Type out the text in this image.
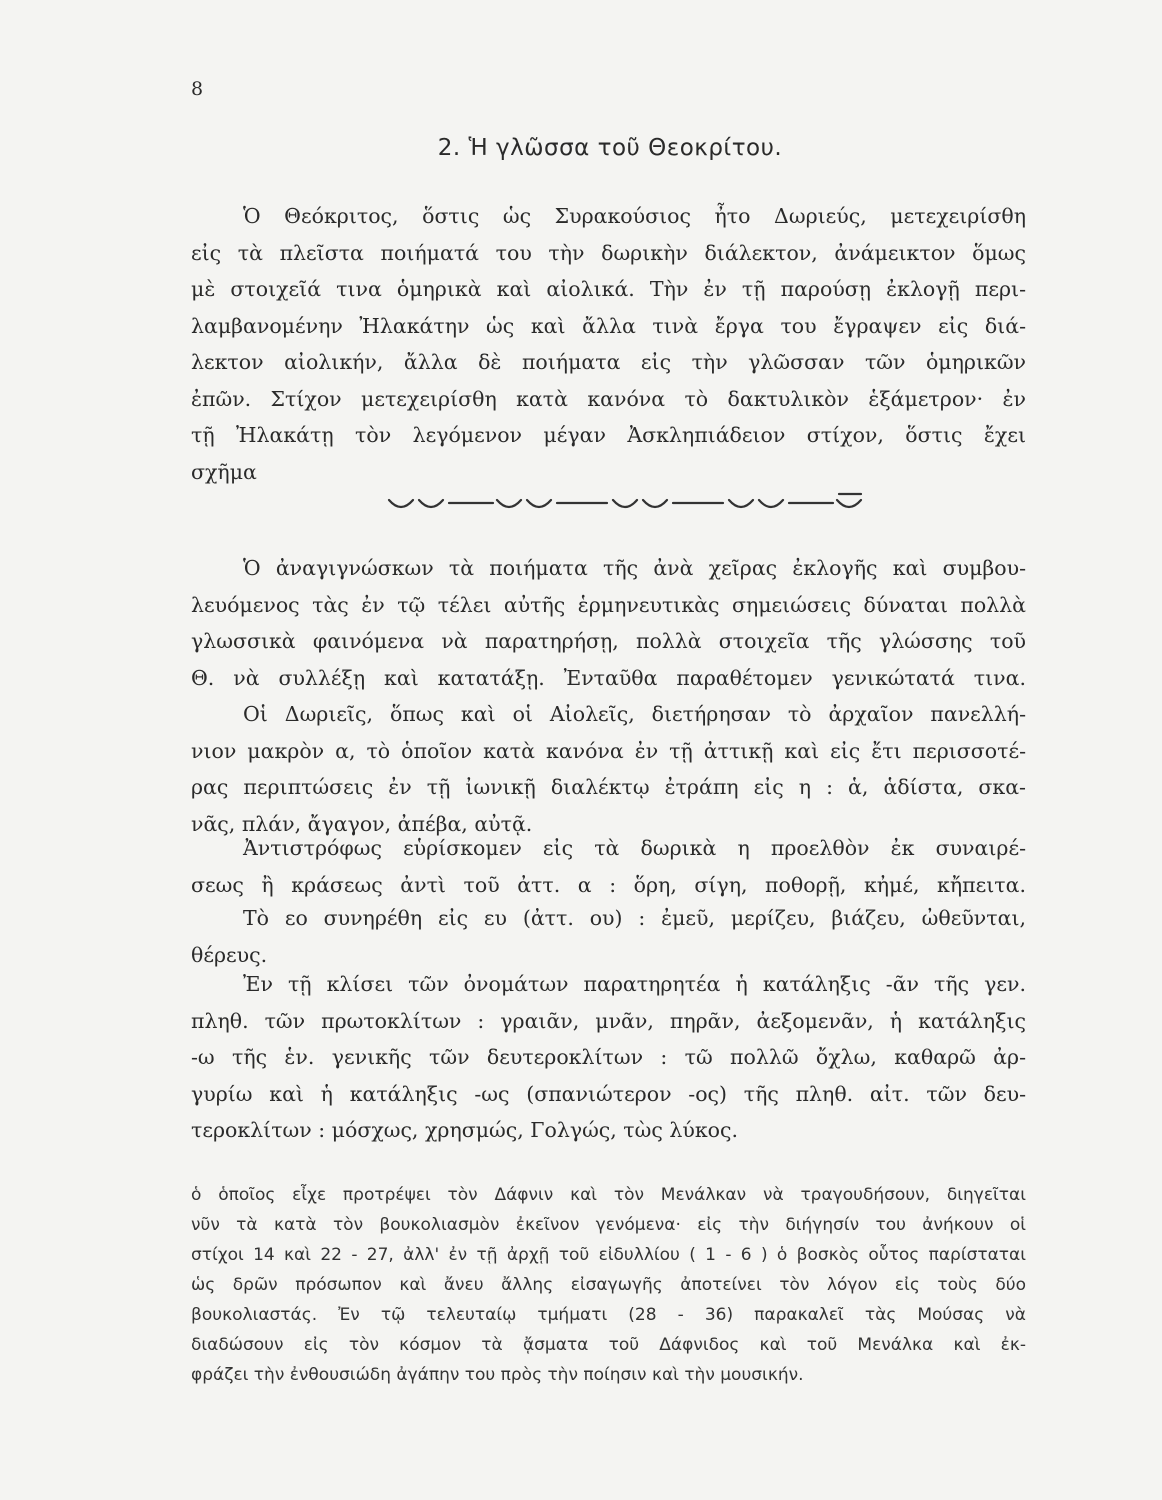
8
2. Ἡ γλῶσσα τοῦ Θεοκρίτου.
Ὁ Θεόκριτος, ὅστις ὡς Συρακούσιος ἦτο Δωριεύς, μετεχειρίσθη
εἰς τὰ πλεῖστα ποιήματά του τὴν δωρικὴν διάλεκτον, ἀνάμεικτον ὅμως
μὲ στοιχεῖά τινα ὁμηρικὰ καὶ αἰολικά. Τὴν ἐν τῇ παρούσῃ ἐκλογῇ περι-
λαμβανομένην Ἠλακάτην ὡς καὶ ἄλλα τινὰ ἔργα του ἔγραψεν εἰς διά-
λεκτον αἰολικήν, ἄλλα δὲ ποιήματα εἰς τὴν γλῶσσαν τῶν ὁμηρικῶν
ἐπῶν. Στίχον μετεχειρίσθη κατὰ κανόνα τὸ δακτυλικὸν ἑξάμετρον· ἐν
τῇ Ἠλακάτῃ τὸν λεγόμενον μέγαν Ἀσκληπιάδειον στίχον, ὅστις ἔχει
σχῆμα
Ὁ ἀναγιγνώσκων τὰ ποιήματα τῆς ἀνὰ χεῖρας ἐκλογῆς καὶ συμβου-
λευόμενος τὰς ἐν τῷ τέλει αὐτῆς ἑρμηνευτικὰς σημειώσεις δύναται πολλὰ
γλωσσικὰ φαινόμενα νὰ παρατηρήσῃ, πολλὰ στοιχεῖα τῆς γλώσσης τοῦ
Θ. νὰ συλλέξῃ καὶ κατατάξῃ. Ἐνταῦθα παραθέτομεν γενικώτατά τινα.
Οἱ Δωριεῖς, ὅπως καὶ οἱ Αἰολεῖς, διετήρησαν τὸ ἀρχαῖον πανελλή-
νιον μακρὸν α, τὸ ὁποῖον κατὰ κανόνα ἐν τῇ ἀττικῇ καὶ εἰς ἔτι περισσοτέ-
ρας περιπτώσεις ἐν τῇ ἰωνικῇ διαλέκτῳ ἐτράπη εἰς η : ἁ, ἁδίστα, σκα-
νᾶς, πλάν, ἄγαγον, ἀπέβα, αὐτᾷ.
Ἀντιστρόφως εὑρίσκομεν εἰς τὰ δωρικὰ η προελθὸν ἐκ συναιρέ-
σεως ἢ κράσεως ἀντὶ τοῦ ἀττ. α : ὅρη, σίγη, ποθορῇ, κἠμέ, κἤπειτα.
Τὸ εο συνηρέθη εἰς ευ (ἀττ. ου) : ἐμεῦ, μερίζευ, βιάζευ, ὠθεῦνται,
θέρευς.
Ἐν τῇ κλίσει τῶν ὀνομάτων παρατηρητέα ἡ κατάληξις -ᾶν τῆς γεν.
πληθ. τῶν πρωτοκλίτων : γραιᾶν, μνᾶν, πηρᾶν, ἀεξομενᾶν, ἡ κατάληξις
-ω τῆς ἑν. γενικῆς τῶν δευτεροκλίτων : τῶ πολλῶ ὄχλω, καθαρῶ ἀρ-
γυρίω καὶ ἡ κατάληξις -ως (σπανιώτερον -ος) τῆς πληθ. αἰτ. τῶν δευ-
τεροκλίτων : μόσχως, χρησμώς, Γολγώς, τὼς λύκος.
ὁ ὁποῖος εἶχε προτρέψει τὸν Δάφνιν καὶ τὸν Μενάλκαν νὰ τραγουδήσουν, διηγεῖται
νῦν τὰ κατὰ τὸν βουκολιασμὸν ἐκεῖνον γενόμενα· εἰς τὴν διήγησίν του ἀνήκουν οἱ
στίχοι 14 καὶ 22 - 27, ἀλλ' ἐν τῇ ἀρχῇ τοῦ εἰδυλλίου ( 1 - 6 ) ὁ βοσκὸς οὗτος παρίσταται
ὡς δρῶν πρόσωπον καὶ ἄνευ ἄλλης εἰσαγωγῆς ἀποτείνει τὸν λόγον εἰς τοὺς δύο
βουκολιαστάς. Ἐν τῷ τελευταίῳ τμήματι (28 - 36) παρακαλεῖ τὰς Μούσας νὰ
διαδώσουν εἰς τὸν κόσμον τὰ ᾄσματα τοῦ Δάφνιδος καὶ τοῦ Μενάλκα καὶ ἐκ-
φράζει τὴν ἐνθουσιώδη ἀγάπην του πρὸς τὴν ποίησιν καὶ τὴν μουσικήν.
